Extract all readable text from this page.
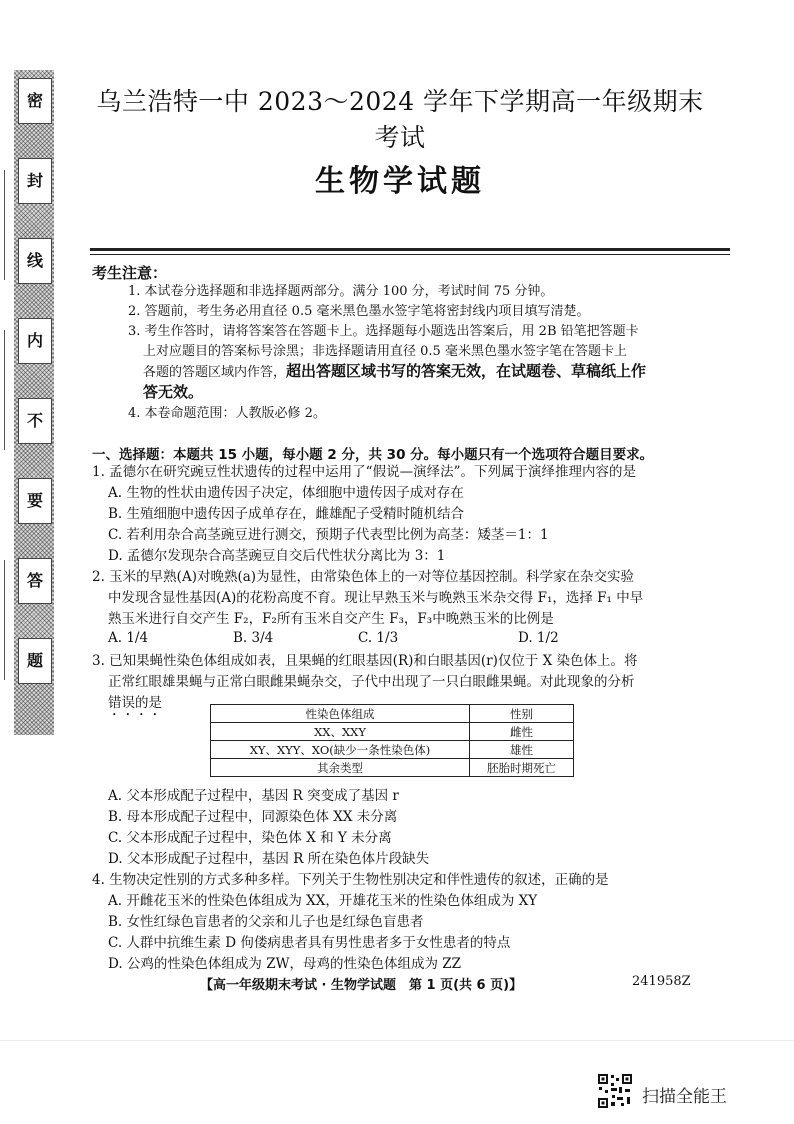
密
封
线
内
不
要
答
题
乌兰浩特一中 2023～2024 学年下学期高一年级期末考试
生物学试题
考生注意：
1. 本试卷分选择题和非选择题两部分。满分 100 分，考试时间 75 分钟。
2. 答题前，考生务必用直径 0.5 毫米黑色墨水签字笔将密封线内项目填写清楚。
3. 考生作答时，请将答案答在答题卡上。选择题每小题选出答案后，用 2B 铅笔把答题卡
上对应题目的答案标号涂黑；非选择题请用直径 0.5 毫米黑色墨水签字笔在答题卡上
各题的答题区域内作答，超出答题区域书写的答案无效，在试题卷、草稿纸上作
答无效。
4. 本卷命题范围：人教版必修 2。
一、选择题：本题共 15 小题，每小题 2 分，共 30 分。每小题只有一个选项符合题目要求。
1. 孟德尔在研究豌豆性状遗传的过程中运用了“假说—演绎法”。下列属于演绎推理内容的是
A. 生物的性状由遗传因子决定，体细胞中遗传因子成对存在
B. 生殖细胞中遗传因子成单存在，雌雄配子受精时随机结合
C. 若利用杂合高茎豌豆进行测交，预期子代表型比例为高茎：矮茎＝1：1
D. 孟德尔发现杂合高茎豌豆自交后代性状分离比为 3：1
2. 玉米的早熟(A)对晚熟(a)为显性，由常染色体上的一对等位基因控制。科学家在杂交实验
中发现含显性基因(A)的花粉高度不育。现让早熟玉米与晚熟玉米杂交得 F₁，选择 F₁ 中早
熟玉米进行自交产生 F₂，F₂所有玉米自交产生 F₃，F₃中晚熟玉米的比例是
A. 1/4	B. 3/4	C. 1/3	D. 1/2
3. 已知果蝇性染色体组成如表，且果蝇的红眼基因(R)和白眼基因(r)仅位于 X 染色体上。将
正常红眼雄果蝇与正常白眼雌果蝇杂交，子代中出现了一只白眼雌果蝇。对此现象的分析
错误的是
性染色体组成	性别
XX、XXY	雌性
XY、XYY、XO(缺少一条性染色体)	雄性
其余类型	胚胎时期死亡
A. 父本形成配子过程中，基因 R 突变成了基因 r
B. 母本形成配子过程中，同源染色体 XX 未分离
C. 父本形成配子过程中，染色体 X 和 Y 未分离
D. 父本形成配子过程中，基因 R 所在染色体片段缺失
4. 生物决定性别的方式多种多样。下列关于生物性别决定和伴性遗传的叙述，正确的是
A. 开雌花玉米的性染色体组成为 XX，开雄花玉米的性染色体组成为 XY
B. 女性红绿色盲患者的父亲和儿子也是红绿色盲患者
C. 人群中抗维生素 D 佝偻病患者具有男性患者多于女性患者的特点
D. 公鸡的性染色体组成为 ZW，母鸡的性染色体组成为 ZZ
【高一年级期末考试 · 生物学试题　第 1 页(共 6 页)】	241958Z
扫描全能王
